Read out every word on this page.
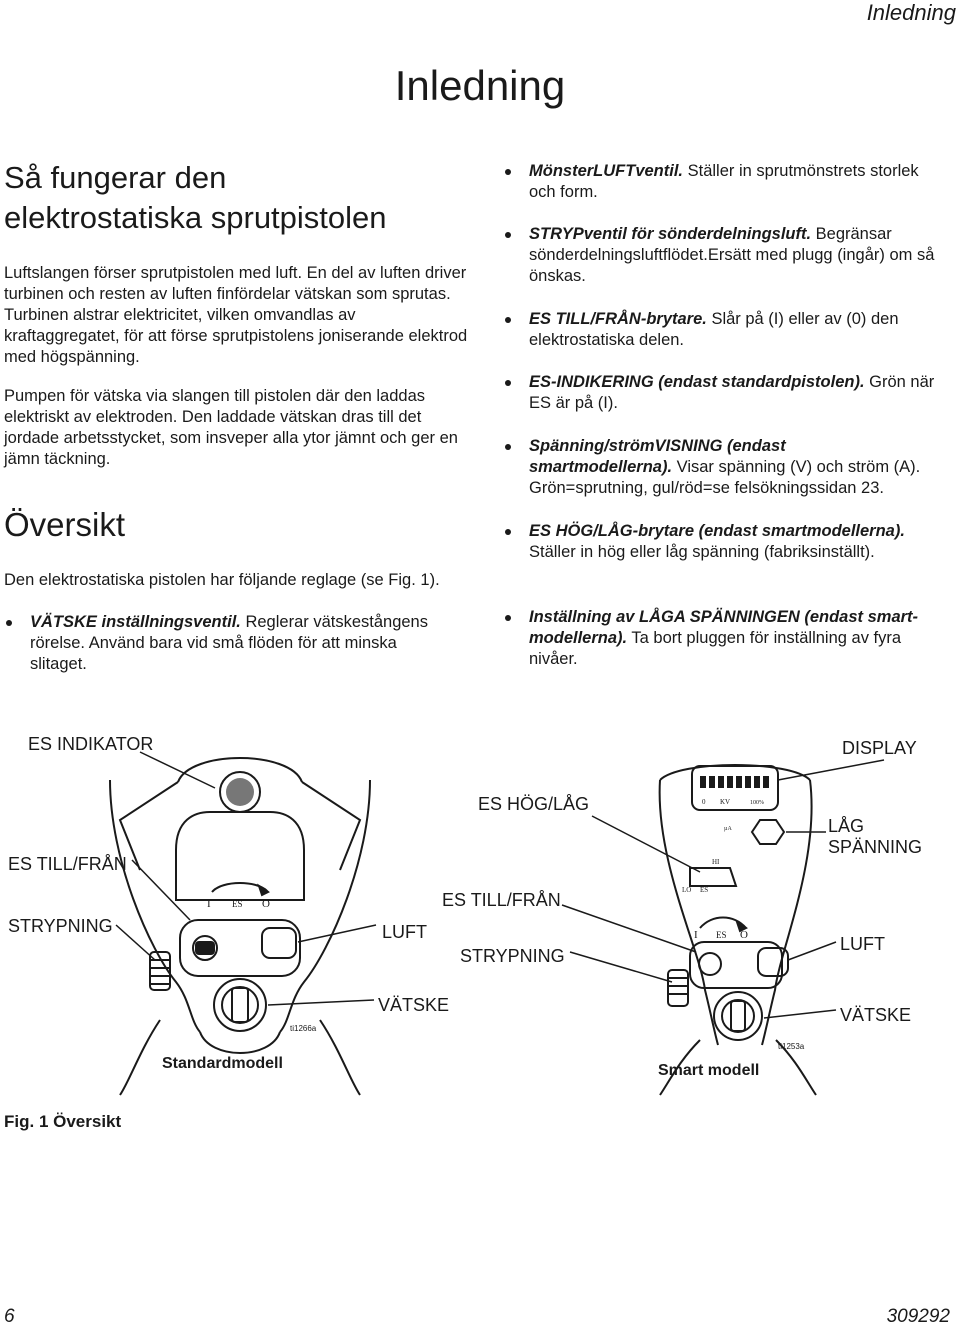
Inledning
Inledning
Så fungerar den
elektrostatiska sprutpistolen

Luftslangen förser sprutpistolen med luft. En del av luften driver turbinen och resten av luften finfördelar vätskan som sprutas. Turbinen alstrar elektricitet, vilken omvandlas av kraftaggregatet, för att förse sprutpistolens joniserande elektrod med högspänning.

Pumpen för vätska via slangen till pistolen där den laddas elektriskt av elektroden. Den laddade vätskan dras till det jordade arbetsstycket, som insveper alla ytor jämnt och ger en jämn täckning.

Översikt

Den elektrostatiska pistolen har följande reglage (se Fig. 1).

VÄTSKE inställningsventil. Reglerar vätskestångens rörelse. Använd bara vid små flöden för att minska slitaget.
MönsterLUFTventil. Ställer in sprutmönstrets storlek och form.
STRYPventil för sönderdelningsluft. Begränsar sönderdelningsluftflödet.Ersätt med plugg (ingår) om så önskas.
ES TILL/FRÅN-brytare. Slår på (I) eller av (0) den elektrostatiska delen.
ES-INDIKERING (endast standardpistolen). Grön när ES är på (I).
Spänning/strömVISNING (endast smartmodellerna). Visar spänning (V) och ström (A). Grön=sprutning, gul/röd=se felsökningssidan 23.
ES HÖG/LÅG-brytare (endast smartmodellerna). Ställer in hög eller låg spänning (fabriksinställt).
Inställning av LÅGA SPÄNNINGEN (endast smart-modellerna). Ta bort pluggen för inställning av fyra nivåer.
I ES O
0 KV	100%
µA
HI
LO ES
I ES O
ES INDIKATOR
ES TILL/FRÅN
STRYPNING	LUFT
VÄTSKE
ti1266a
Standardmodell
DISPLAY
ES HÖG/LÅG
LÅG
SPÄNNING
ES TILL/FRÅN
STRYPNING
LUFT
VÄTSKE
ti1253a
Smart modell
Fig. 1 Översikt
6	309292
